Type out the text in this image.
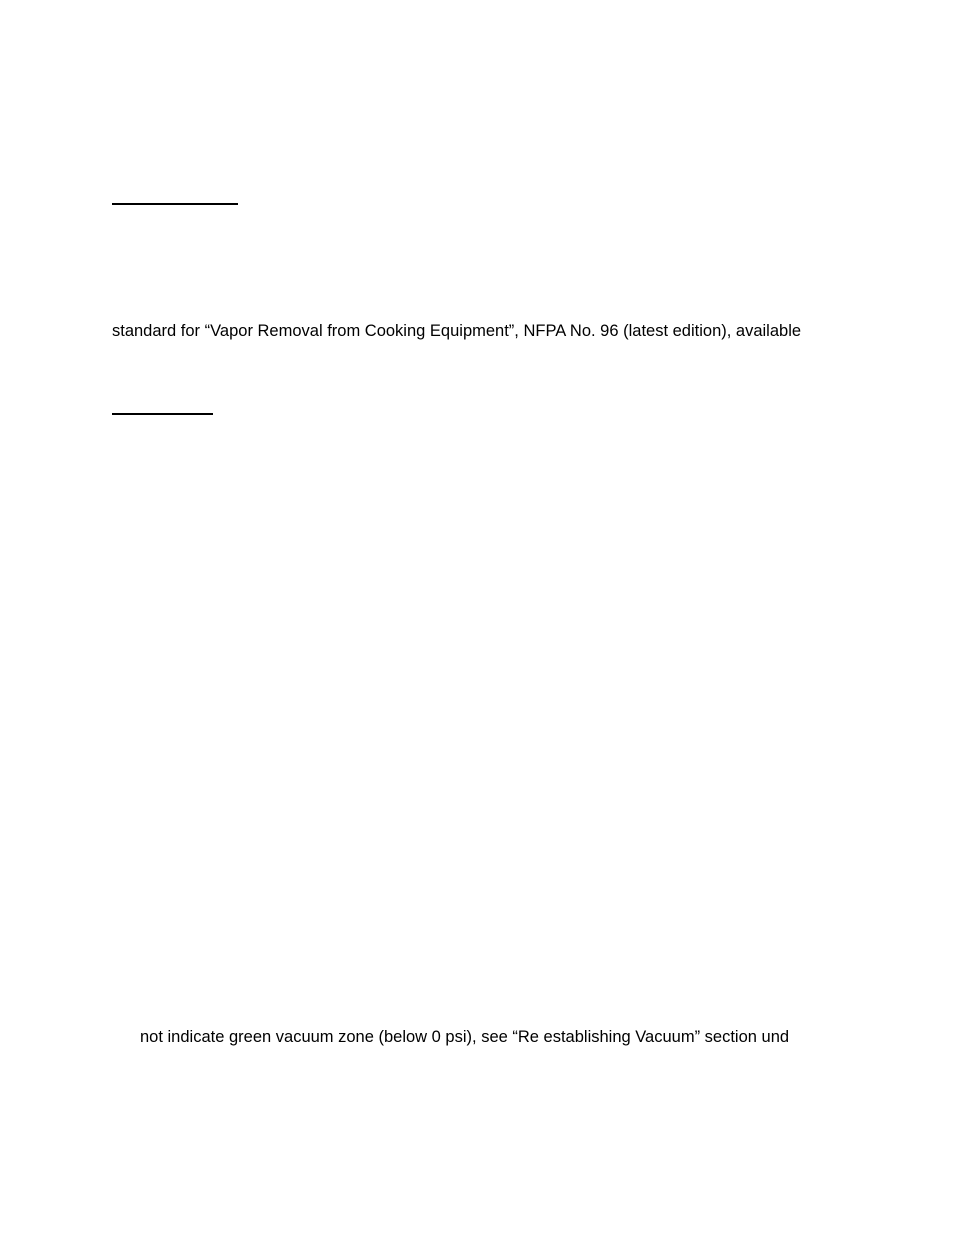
standard for “Vapor Removal from Cooking Equipment”, NFPA No. 96 (latest edition), available
not indicate green vacuum zone (below 0 psi), see “Re establishing Vacuum” section und
